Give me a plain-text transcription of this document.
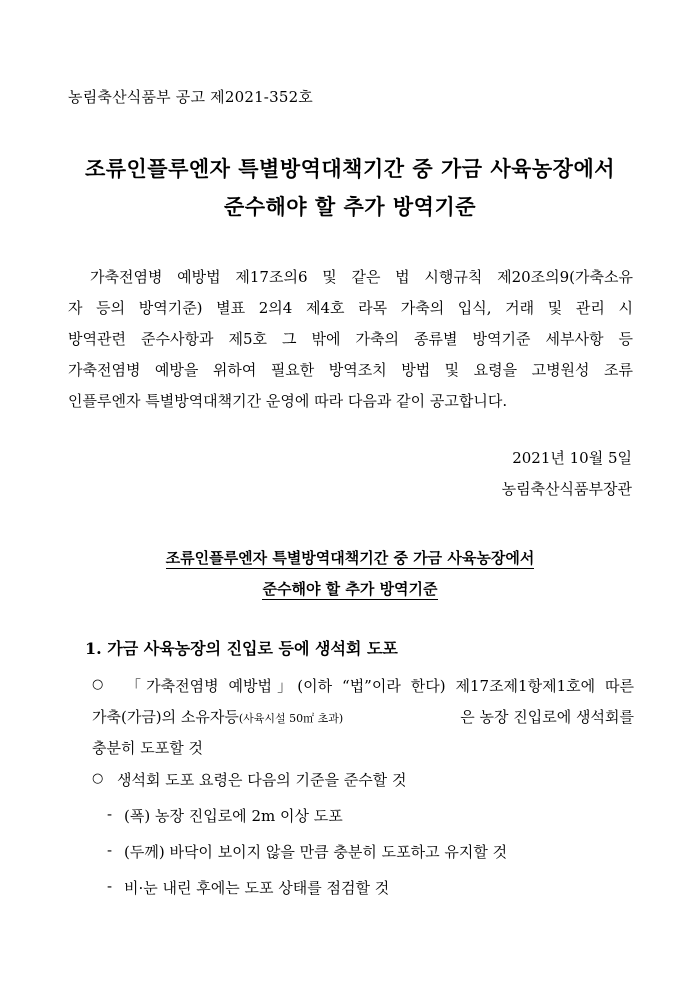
농림축산식품부 공고 제2021-352호
조류인플루엔자 특별방역대책기간 중 가금 사육농장에서
준수해야 할 추가 방역기준
가축전염병 예방법 제17조의6 및 같은 법 시행규칙 제20조의9(가축소유
자 등의 방역기준) 별표 2의4 제4호 라목 가축의 입식, 거래 및 관리 시
방역관련 준수사항과 제5호 그 밖에 가축의 종류별 방역기준 세부사항 등
가축전염병 예방을 위하여 필요한 방역조치 방법 및 요령을 고병원성 조류
인플루엔자 특별방역대책기간 운영에 따라 다음과 같이 공고합니다.
2021년 10월 5일
농림축산식품부장관
조류인플루엔자 특별방역대책기간 중 가금 사육농장에서
준수해야 할 추가 방역기준
1. 가금 사육농장의 진입로 등에 생석회 도포
○ 「가축전염병 예방법」(이하 “법”이라 한다) 제17조제1항제1호에 따른
가축(가금)의 소유자등(사육시설 50㎡ 초과)	은 농장 진입로에 생석회를
충분히 도포할 것
○ 생석회 도포 요령은 다음의 기준을 준수할 것
- (폭) 농장 진입로에 2m 이상 도포
- (두께) 바닥이 보이지 않을 만큼 충분히 도포하고 유지할 것
- 비·눈 내린 후에는 도포 상태를 점검할 것
